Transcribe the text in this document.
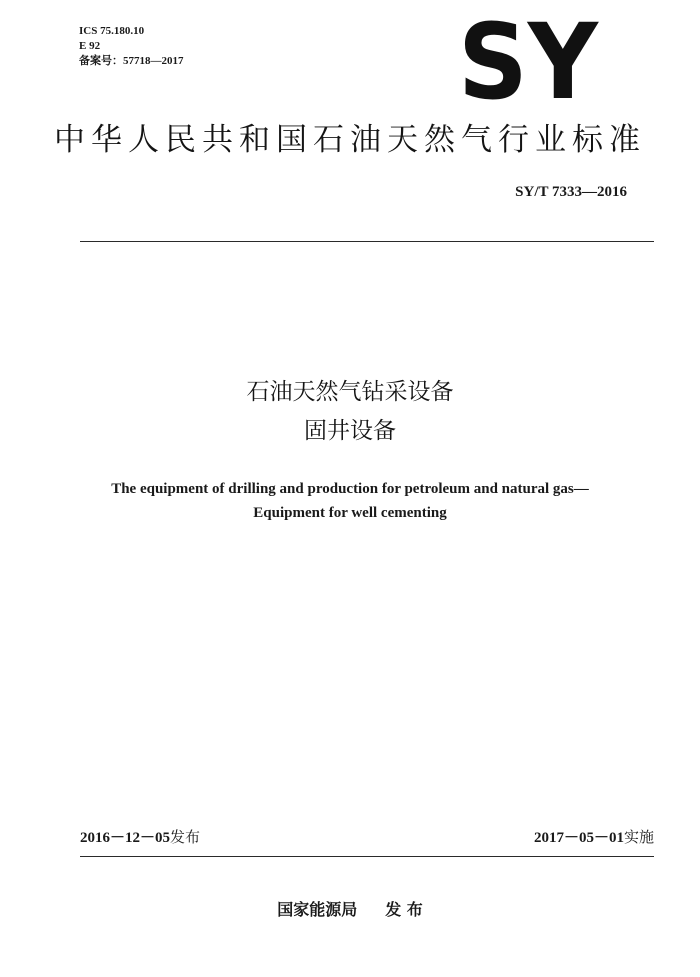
ICS 75.180.10
E 92
备案号：57718—2017	SY
中华人民共和国石油天然气行业标准
SY/T 7333—2016
石油天然气钻采设备
固井设备
The equipment of drilling and production for petroleum and natural gas—
Equipment for well cementing
2016－12－05发布	2017－05－01实施
国家能源局 发 布
